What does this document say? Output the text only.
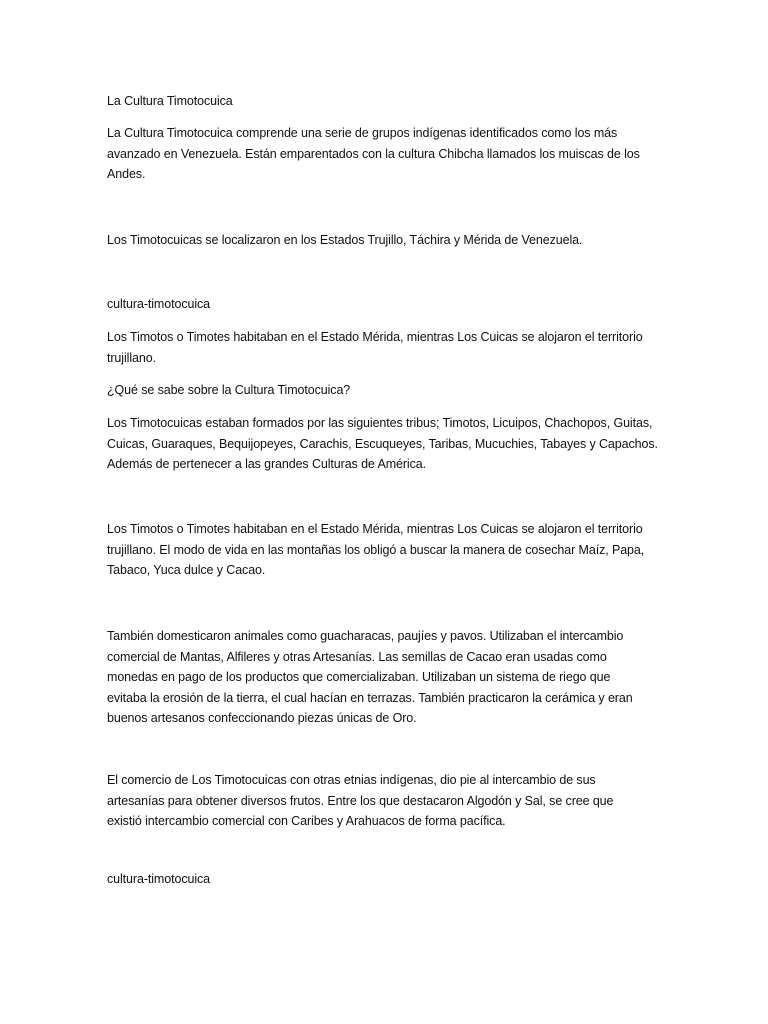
La Cultura Timotocuica
La Cultura Timotocuica comprende una serie de grupos indígenas identificados como los más
avanzado en Venezuela. Están emparentados con la cultura Chibcha llamados los muiscas de los
Andes.
Los Timotocuicas se localizaron en los Estados Trujillo, Táchira y Mérida de Venezuela.
cultura-timotocuica
Los Timotos o Timotes habitaban en el Estado Mérida, mientras Los Cuicas se alojaron el territorio
trujillano.
¿Qué se sabe sobre la Cultura Timotocuica?
Los Timotocuicas estaban formados por las siguientes tribus; Timotos, Licuipos, Chachopos, Guitas,
Cuicas, Guaraques, Bequijopeyes, Carachis, Escuqueyes, Taribas, Mucuchies, Tabayes y Capachos.
Además de pertenecer a las grandes Culturas de América.
Los Timotos o Timotes habitaban en el Estado Mérida, mientras Los Cuicas se alojaron el territorio
trujillano. El modo de vida en las montañas los obligó a buscar la manera de cosechar Maíz, Papa,
Tabaco, Yuca dulce y Cacao.
También domesticaron animales como guacharacas, paujíes y pavos. Utilizaban el intercambio
comercial de Mantas, Alfileres y otras Artesanías. Las semillas de Cacao eran usadas como
monedas en pago de los productos que comercializaban. Utilizaban un sistema de riego que
evitaba la erosión de la tierra, el cual hacían en terrazas. También practicaron la cerámica y eran
buenos artesanos confeccionando piezas únicas de Oro.
El comercio de Los Timotocuicas con otras etnias indígenas, dio pie al intercambio de sus
artesanías para obtener diversos frutos. Entre los que destacaron Algodón y Sal, se cree que
existió intercambio comercial con Caribes y Arahuacos de forma pacífica.
cultura-timotocuica
